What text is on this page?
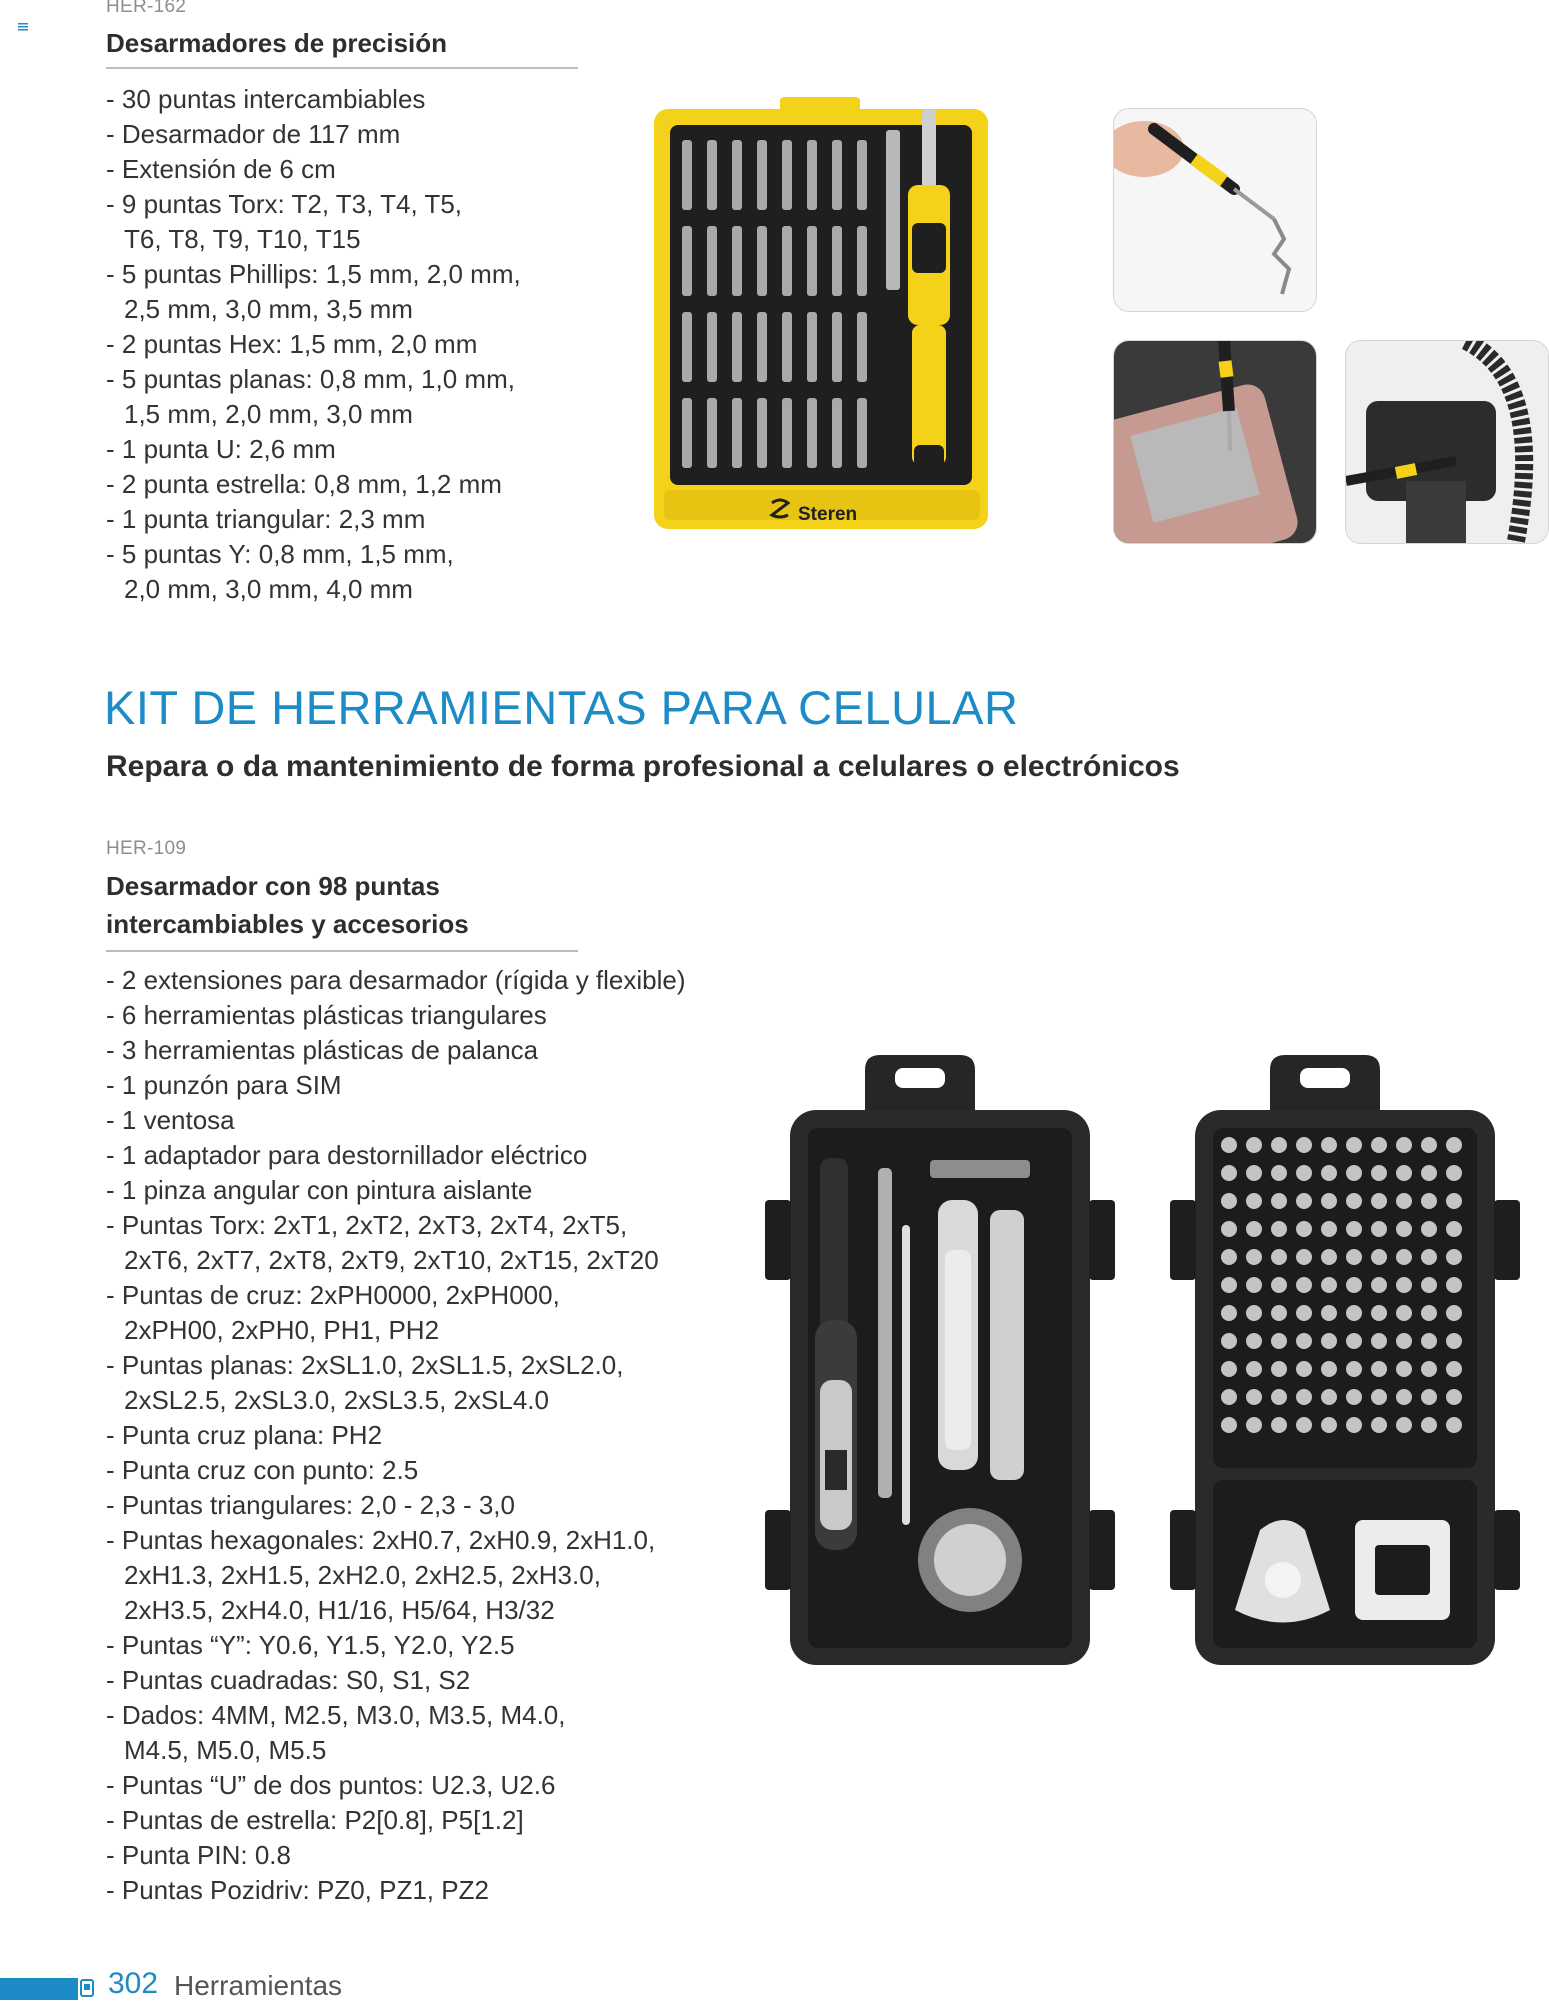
HER-162
Desarmadores de precisión
- 30 puntas intercambiables
- Desarmador de 117 mm
- Extensión de 6 cm
- 9 puntas Torx: T2, T3, T4, T5,
T6, T8, T9, T10, T15
- 5 puntas Phillips: 1,5 mm, 2,0 mm,
2,5 mm, 3,0 mm, 3,5 mm
- 2 puntas Hex: 1,5 mm, 2,0 mm
- 5 puntas planas: 0,8 mm, 1,0 mm,
1,5 mm, 2,0 mm, 3,0 mm
- 1 punta U: 2,6 mm
- 2 punta estrella: 0,8 mm, 1,2 mm
- 1 punta triangular: 2,3 mm
- 5 puntas Y: 0,8 mm, 1,5 mm,
2,0 mm, 3,0 mm, 4,0 mm
Steren
KIT DE HERRAMIENTAS PARA CELULAR
Repara o da mantenimiento de forma profesional a celulares o electrónicos
HER-109
Desarmador con 98 puntas
intercambiables y accesorios
- 2 extensiones para desarmador (rígida y flexible)
- 6 herramientas plásticas triangulares
- 3 herramientas plásticas de palanca
- 1 punzón para SIM
- 1 ventosa
- 1 adaptador para destornillador eléctrico
- 1 pinza angular con pintura aislante
- Puntas Torx: 2xT1, 2xT2, 2xT3, 2xT4, 2xT5,
2xT6, 2xT7, 2xT8, 2xT9, 2xT10, 2xT15, 2xT20
- Puntas de cruz: 2xPH0000, 2xPH000,
2xPH00, 2xPH0, PH1, PH2
- Puntas planas: 2xSL1.0, 2xSL1.5, 2xSL2.0,
2xSL2.5, 2xSL3.0, 2xSL3.5, 2xSL4.0
- Punta cruz plana: PH2
- Punta cruz con punto: 2.5
- Puntas triangulares: 2,0 - 2,3 - 3,0
- Puntas hexagonales: 2xH0.7, 2xH0.9, 2xH1.0,
2xH1.3, 2xH1.5, 2xH2.0, 2xH2.5, 2xH3.0,
2xH3.5, 2xH4.0, H1/16, H5/64, H3/32
- Puntas “Y”: Y0.6, Y1.5, Y2.0, Y2.5
- Puntas cuadradas: S0, S1, S2
- Dados: 4MM, M2.5, M3.0, M3.5, M4.0,
M4.5, M5.0, M5.5
- Puntas “U” de dos puntos: U2.3, U2.6
- Puntas de estrella: P2[0.8], P5[1.2]
- Punta PIN: 0.8
- Puntas Pozidriv: PZ0, PZ1, PZ2
302 Herramientas
